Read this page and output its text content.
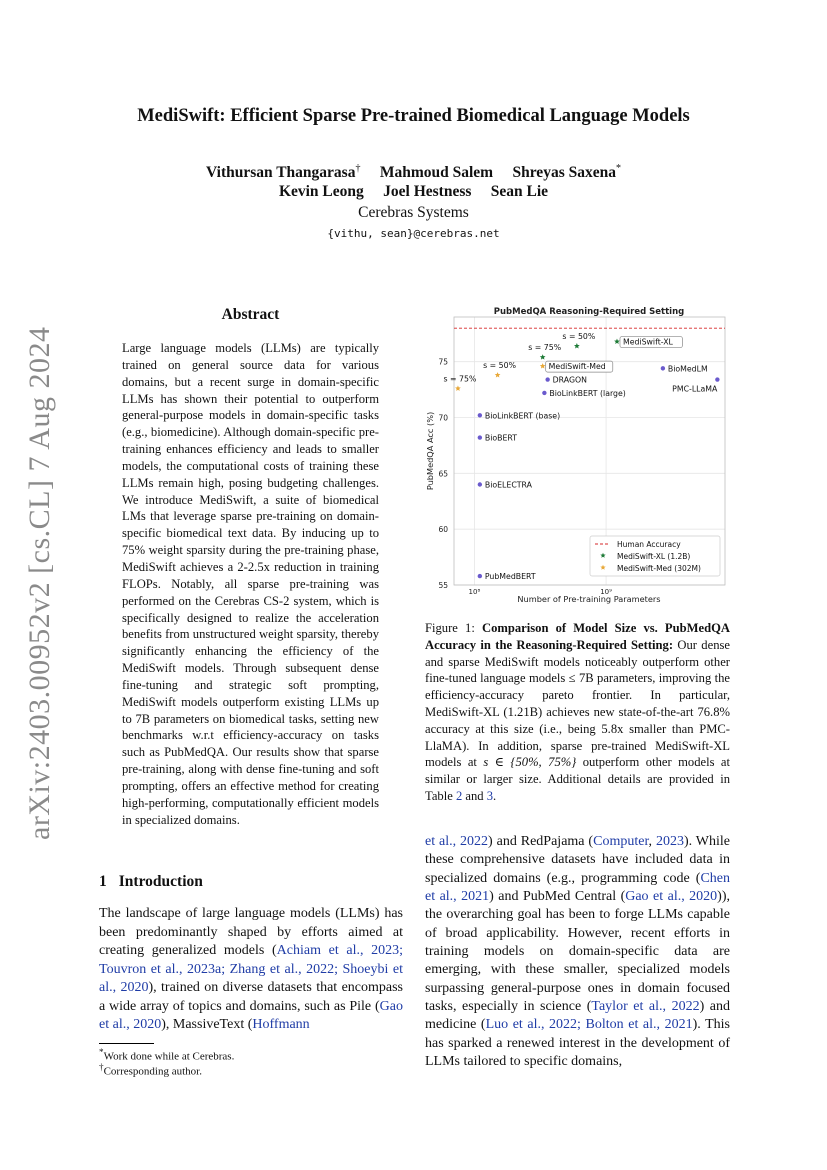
arXiv:2403.00952v2 [cs.CL] 7 Aug 2024
MediSwift: Efficient Sparse Pre-trained Biomedical Language Models
Vithursan Thangarasa† Mahmoud Salem Shreyas Saxena*
Kevin Leong Joel Hestness Sean Lie
Cerebras Systems
{vithu, sean}@cerebras.net
Abstract
Large language models (LLMs) are typically trained on general source data for various domains, but a recent surge in domain-specific LLMs has shown their potential to outperform general-purpose models in domain-specific tasks (e.g., biomedicine). Although domain-specific pre-training enhances efficiency and leads to smaller models, the computational costs of training these LLMs remain high, posing budgeting challenges. We introduce MediSwift, a suite of biomedical LMs that leverage sparse pre-training on domain-specific biomedical text data. By inducing up to 75% weight sparsity during the pre-training phase, MediSwift achieves a 2-2.5x reduction in training FLOPs. Notably, all sparse pre-training was performed on the Cerebras CS-2 system, which is specifically designed to realize the acceleration benefits from unstructured weight sparsity, thereby significantly enhancing the efficiency of the MediSwift models. Through subsequent dense fine-tuning and strategic soft prompting, MediSwift models outperform existing LLMs up to 7B parameters on biomedical tasks, setting new benchmarks w.r.t efficiency-accuracy on tasks such as PubMedQA. Our results show that sparse pre-training, along with dense fine-tuning and soft prompting, offers an effective method for creating high-performing, computationally efficient models in specialized domains.
1 Introduction
The landscape of large language models (LLMs) has been predominantly shaped by efforts aimed at creating generalized models (Achiam et al., 2023; Touvron et al., 2023a; Zhang et al., 2022; Shoeybi et al., 2020), trained on diverse datasets that encompass a wide array of topics and domains, such as Pile (Gao et al., 2020), MassiveText (Hoffmann
*Work done while at Cerebras.
†Corresponding author.
PubMedQA Reasoning-Required Setting
55
60
65
70
75
10⁸	10⁹
PubMedBERT
BioELECTRA
BioBERT
BioLinkBERT (base)
BioLinkBERT (large)
DRAGON
BioMedLM
PMC-LLaMA
MediSwift-Med
s = 50%
s = 75%
MediSwift-XL
s = 50%
s = 75%
Number of Pre-training Parameters
PubMedQA Acc (%)
Human Accuracy
MediSwift-XL (1.2B)
MediSwift-Med (302M)
Figure 1: Comparison of Model Size vs. PubMedQA Accuracy in the Reasoning-Required Setting: Our dense and sparse MediSwift models noticeably outperform other fine-tuned language models ≤ 7B parameters, improving the efficiency-accuracy pareto frontier. In particular, MediSwift-XL (1.21B) achieves new state-of-the-art 76.8% accuracy at this size (i.e., being 5.8x smaller than PMC-LlaMA). In addition, sparse pre-trained MediSwift-XL models at s ∈ {50%, 75%} outperform other models at similar or larger size. Additional details are provided in Table 2 and 3.
et al., 2022) and RedPajama (Computer, 2023). While these comprehensive datasets have included data in specialized domains (e.g., programming code (Chen et al., 2021) and PubMed Central (Gao et al., 2020)), the overarching goal has been to forge LLMs capable of broad applicability. However, recent efforts in training models on domain-specific data are emerging, with these smaller, specialized models surpassing general-purpose ones in domain focused tasks, especially in science (Taylor et al., 2022) and medicine (Luo et al., 2022; Bolton et al., 2021). This has sparked a renewed interest in the development of LLMs tailored to specific domains,
